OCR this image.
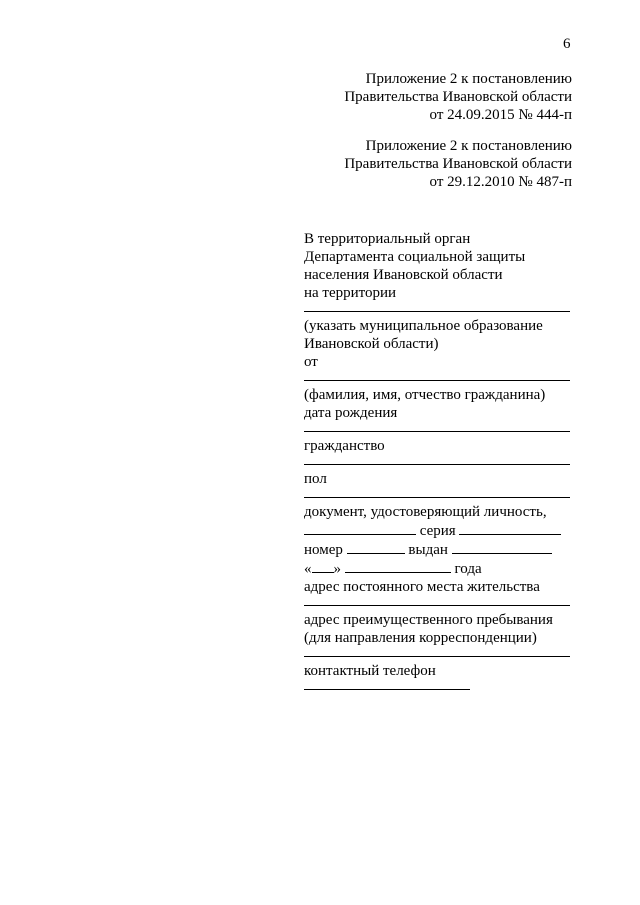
6
Приложение 2 к постановлению
Правительства Ивановской области
от 24.09.2015 № 444-п
Приложение 2 к постановлению
Правительства Ивановской области
от 29.12.2010 № 487-п
В территориальный орган
Департамента социальной защиты
населения Ивановской области
на территории
(указать муниципальное образование
Ивановской области)
от
(фамилия, имя, отчество гражданина)
дата рождения
гражданство
пол
документ, удостоверяющий личность,
серия
номер	выдан
« »	года
адрес постоянного места жительства
адрес преимущественного пребывания
(для направления корреспонденции)
контактный телефон
